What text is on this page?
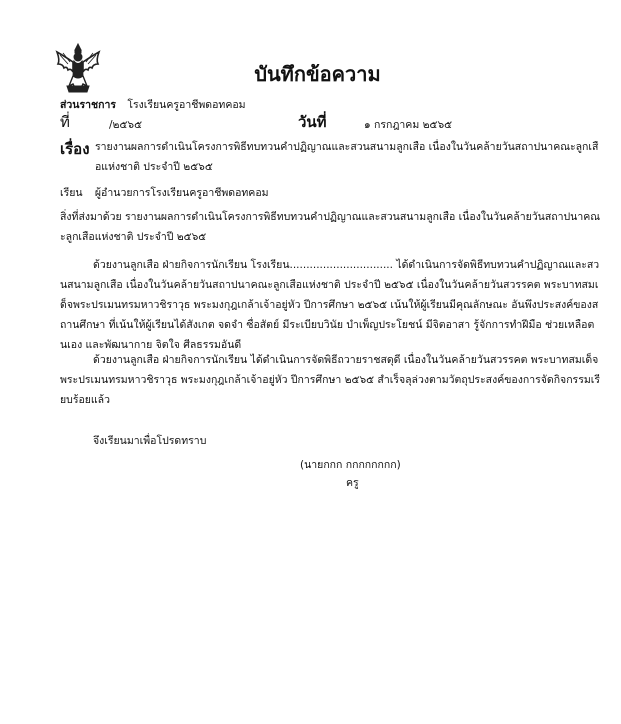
บันทึกข้อความ
ส่วนราชการ โรงเรียนครูอาชีพดอทคอม
ที่	/๒๕๖๕	วันที่	๑ กรกฎาคม ๒๕๖๕
เรื่อง รายงานผลการดำเนินโครงการพิธีทบทวนคำปฏิญาณและสวนสนามลูกเสือ เนื่องในวันคล้ายวันสถาปนาคณะลูกเสือแห่งชาติ ประจำปี ๒๕๖๕
เรียน ผู้อำนวยการโรงเรียนครูอาชีพดอทคอม
สิ่งที่ส่งมาด้วย รายงานผลการดำเนินโครงการพิธีทบทวนคำปฏิญาณและสวนสนามลูกเสือ เนื่องในวันคล้ายวันสถาปนาคณะลูกเสือแห่งชาติ ประจำปี ๒๕๖๕
ด้วยงานลูกเสือ ฝ่ายกิจการนักเรียน โรงเรียน............................... ได้ดำเนินการจัดพิธีทบทวนคำปฏิญาณและสวนสนามลูกเสือ เนื่องในวันคล้ายวันสถาปนาคณะลูกเสือแห่งชาติ ประจำปี ๒๕๖๕ เนื่องในวันคล้ายวันสวรรคต พระบาทสมเด็จพระปรเมนทรมหาวชิราวุธ พระมงกุฎเกล้าเจ้าอยู่หัว ปีการศึกษา ๒๕๖๕ เน้นให้ผู้เรียนมีคุณลักษณะ อันพึงประสงค์ของสถานศึกษา ที่เน้นให้ผู้เรียนได้สังเกต จดจำ ซื่อสัตย์ มีระเบียบวินัย บำเพ็ญประโยชน์ มีจิตอาสา รู้จักการทำฝีมือ ช่วยเหลือตนเอง และพัฒนากาย จิตใจ ศีลธรรมอันดี
ด้วยงานลูกเสือ ฝ่ายกิจการนักเรียน ได้ดำเนินการจัดพิธีถวายราชสดุดี เนื่องในวันคล้ายวันสวรรคต พระบาทสมเด็จพระปรเมนทรมหาวชิราวุธ พระมงกุฎเกล้าเจ้าอยู่หัว ปีการศึกษา ๒๕๖๕ สำเร็จลุล่วงตามวัตถุประสงค์ของการจัดกิจกรรมเรียบร้อยแล้ว
จึงเรียนมาเพื่อโปรดทราบ
(นายกกก กกกกกกกก)
ครู
